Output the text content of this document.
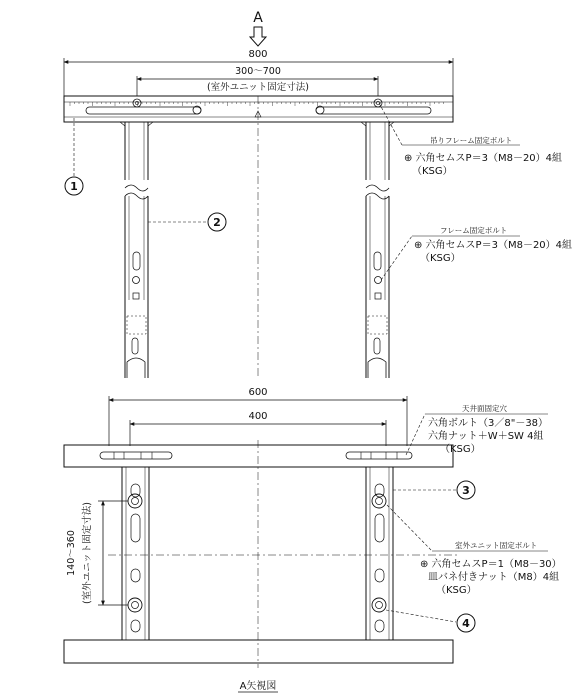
A
800
300〜700
(室外ユニット固定寸法)
1
2
吊りフレーム固定ボルト
⊕ 六角セムスP＝3（M8－20）4組
（KSG）
フレーム固定ボルト
⊕ 六角セムスP＝3（M8－20）4組
（KSG）
600
400
140〜360 (室外ユニット固定寸法)
3
4
天井面固定穴
六角ボルト（3／8"－38）
六角ナット＋W＋SW 4組
（KSG）
室外ユニット固定ボルト
⊕ 六角セムスP＝1（M8－30）
皿バネ付きナット（M8）4組
（KSG）
A矢視図
